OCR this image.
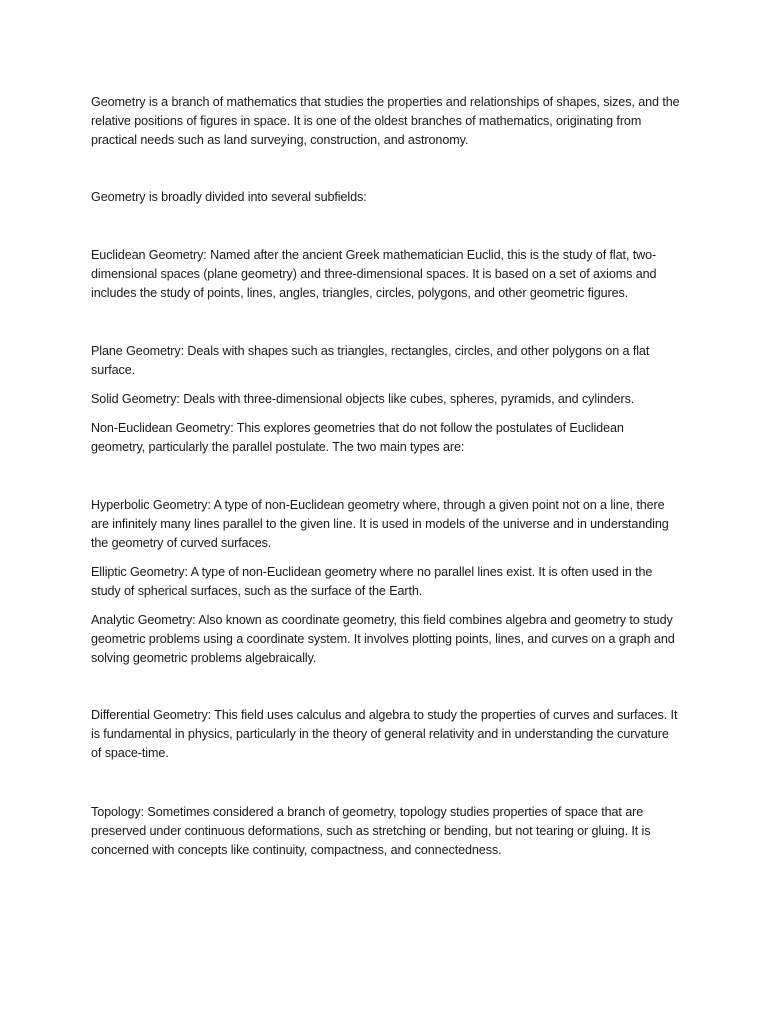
Geometry is a branch of mathematics that studies the properties and relationships of shapes, sizes, and the relative positions of figures in space. It is one of the oldest branches of mathematics, originating from practical needs such as land surveying, construction, and astronomy.

Geometry is broadly divided into several subfields:

Euclidean Geometry: Named after the ancient Greek mathematician Euclid, this is the study of flat, two-dimensional spaces (plane geometry) and three-dimensional spaces. It is based on a set of axioms and includes the study of points, lines, angles, triangles, circles, polygons, and other geometric figures.

Plane Geometry: Deals with shapes such as triangles, rectangles, circles, and other polygons on a flat surface.

Solid Geometry: Deals with three-dimensional objects like cubes, spheres, pyramids, and cylinders.

Non-Euclidean Geometry: This explores geometries that do not follow the postulates of Euclidean geometry, particularly the parallel postulate. The two main types are:

Hyperbolic Geometry: A type of non-Euclidean geometry where, through a given point not on a line, there are infinitely many lines parallel to the given line. It is used in models of the universe and in understanding the geometry of curved surfaces.

Elliptic Geometry: A type of non-Euclidean geometry where no parallel lines exist. It is often used in the study of spherical surfaces, such as the surface of the Earth.

Analytic Geometry: Also known as coordinate geometry, this field combines algebra and geometry to study geometric problems using a coordinate system. It involves plotting points, lines, and curves on a graph and solving geometric problems algebraically.

Differential Geometry: This field uses calculus and algebra to study the properties of curves and surfaces. It is fundamental in physics, particularly in the theory of general relativity and in understanding the curvature of space-time.

Topology: Sometimes considered a branch of geometry, topology studies properties of space that are preserved under continuous deformations, such as stretching or bending, but not tearing or gluing. It is concerned with concepts like continuity, compactness, and connectedness.
